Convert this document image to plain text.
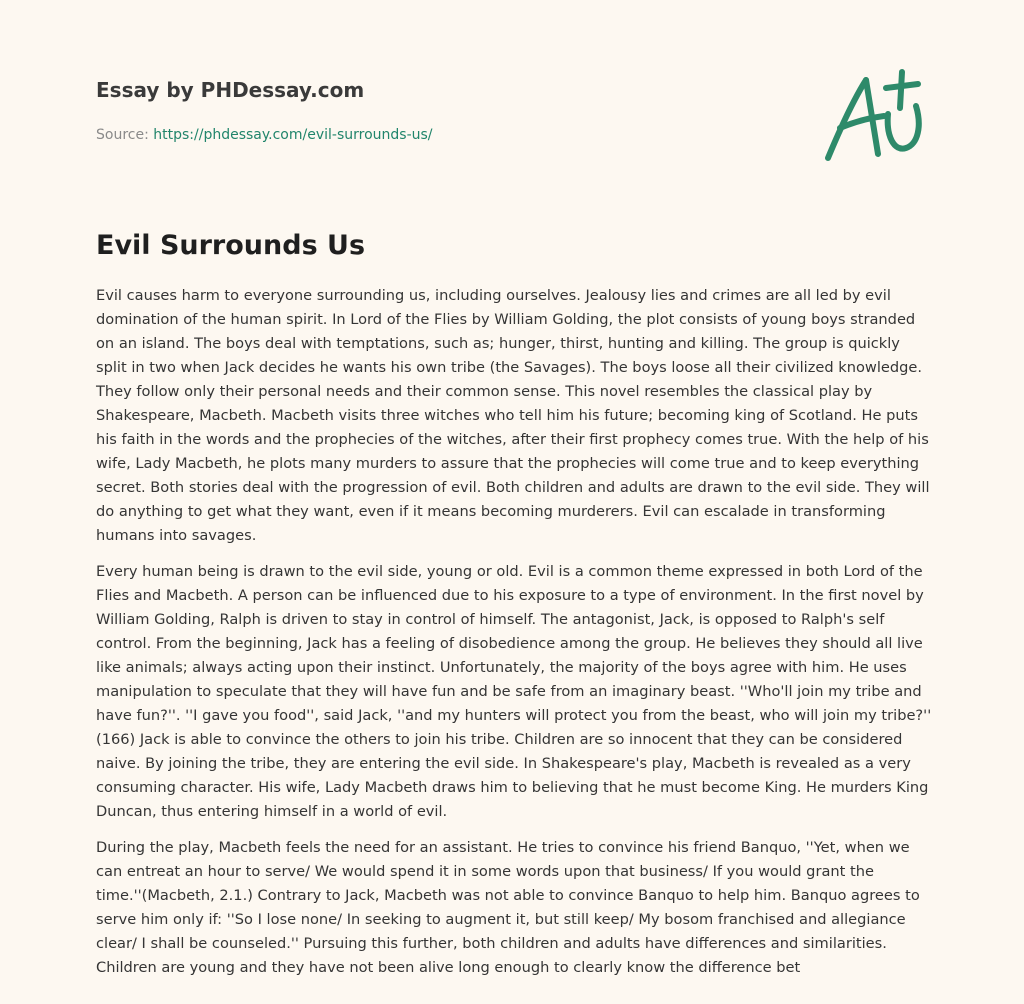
Essay by PHDessay.com
Source: https://phdessay.com/evil-surrounds-us/
Evil Surrounds Us

Evil causes harm to everyone surrounding us, including ourselves. Jealousy lies and crimes are all led by evil domination of the human spirit. In Lord of the Flies by William Golding, the plot consists of young boys stranded on an island. The boys deal with temptations, such as; hunger, thirst, hunting and killing. The group is quickly split in two when Jack decides he wants his own tribe (the Savages). The boys loose all their civilized knowledge. They follow only their personal needs and their common sense. This novel resembles the classical play by Shakespeare, Macbeth. Macbeth visits three witches who tell him his future; becoming king of Scotland. He puts his faith in the words and the prophecies of the witches, after their first prophecy comes true. With the help of his wife, Lady Macbeth, he plots many murders to assure that the prophecies will come true and to keep everything secret. Both stories deal with the progression of evil. Both children and adults are drawn to the evil side. They will do anything to get what they want, even if it means becoming murderers. Evil can escalade in transforming humans into savages.

Every human being is drawn to the evil side, young or old. Evil is a common theme expressed in both Lord of the Flies and Macbeth. A person can be influenced due to his exposure to a type of environment. In the first novel by William Golding, Ralph is driven to stay in control of himself. The antagonist, Jack, is opposed to Ralph's self control. From the beginning, Jack has a feeling of disobedience among the group. He believes they should all live like animals; always acting upon their instinct. Unfortunately, the majority of the boys agree with him. He uses manipulation to speculate that they will have fun and be safe from an imaginary beast. ''Who'll join my tribe and have fun?''. ''I gave you food'', said Jack, ''and my hunters will protect you from the beast, who will join my tribe?'' (166) Jack is able to convince the others to join his tribe. Children are so innocent that they can be considered naive. By joining the tribe, they are entering the evil side. In Shakespeare's play, Macbeth is revealed as a very consuming character. His wife, Lady Macbeth draws him to believing that he must become King. He murders King Duncan, thus entering himself in a world of evil.

During the play, Macbeth feels the need for an assistant. He tries to convince his friend Banquo, ''Yet, when we can entreat an hour to serve/ We would spend it in some words upon that business/ If you would grant the time.''(Macbeth, 2.1.) Contrary to Jack, Macbeth was not able to convince Banquo to help him. Banquo agrees to serve him only if: ''So I lose none/ In seeking to augment it, but still keep/ My bosom franchised and allegiance clear/ I shall be counseled.'' Pursuing this further, both children and adults have differences and similarities. Children are young and they have not been alive long enough to clearly know the difference bet
